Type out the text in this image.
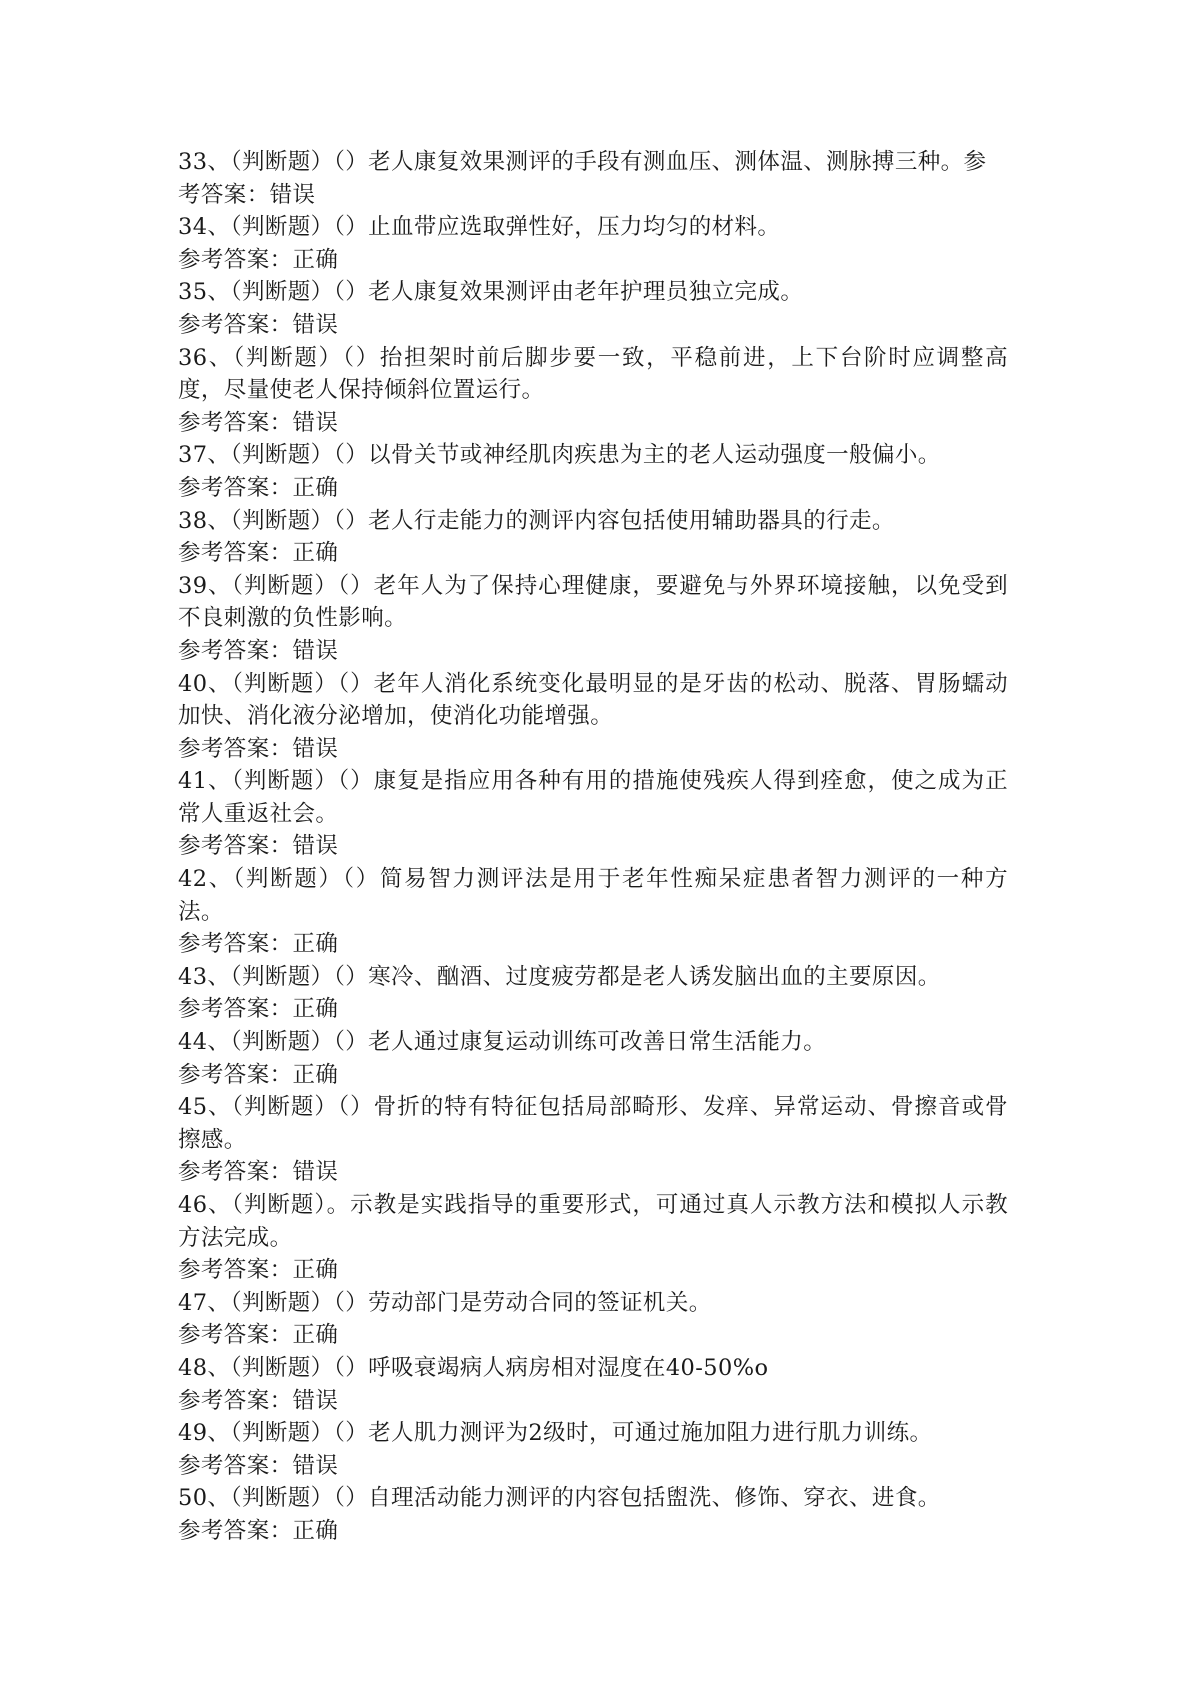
33、（判断题）（）老人康复效果测评的手段有测血压、测体温、测脉搏三种。参考答案：错误
34、（判断题）（）止血带应选取弹性好，压力均匀的材料。
参考答案：正确
35、（判断题）（）老人康复效果测评由老年护理员独立完成。
参考答案：错误
36、（判断题）（）抬担架时前后脚步要一致，平稳前进，上下台阶时应调整高度，尽量使老人保持倾斜位置运行。
参考答案：错误
37、（判断题）（）以骨关节或神经肌肉疾患为主的老人运动强度一般偏小。
参考答案：正确
38、（判断题）（）老人行走能力的测评内容包括使用辅助器具的行走。
参考答案：正确
39、（判断题）（）老年人为了保持心理健康，要避免与外界环境接触，以免受到不良刺激的负性影响。
参考答案：错误
40、（判断题）（）老年人消化系统变化最明显的是牙齿的松动、脱落、胃肠蠕动加快、消化液分泌增加，使消化功能增强。
参考答案：错误
41、（判断题）（）康复是指应用各种有用的措施使残疾人得到痊愈，使之成为正常人重返社会。
参考答案：错误
42、（判断题）（）简易智力测评法是用于老年性痴呆症患者智力测评的一种方法。
参考答案：正确
43、（判断题）（）寒冷、酗酒、过度疲劳都是老人诱发脑出血的主要原因。
参考答案：正确
44、（判断题）（）老人通过康复运动训练可改善日常生活能力。
参考答案：正确
45、（判断题）（）骨折的特有特征包括局部畸形、发痒、异常运动、骨擦音或骨擦感。
参考答案：错误
46、（判断题）。示教是实践指导的重要形式，可通过真人示教方法和模拟人示教方法完成。
参考答案：正确
47、（判断题）（）劳动部门是劳动合同的签证机关。
参考答案：正确
48、（判断题）（）呼吸衰竭病人病房相对湿度在40-50%o
参考答案：错误
49、（判断题）（）老人肌力测评为2级时，可通过施加阻力进行肌力训练。
参考答案：错误
50、（判断题）（）自理活动能力测评的内容包括盥洗、修饰、穿衣、进食。
参考答案：正确
